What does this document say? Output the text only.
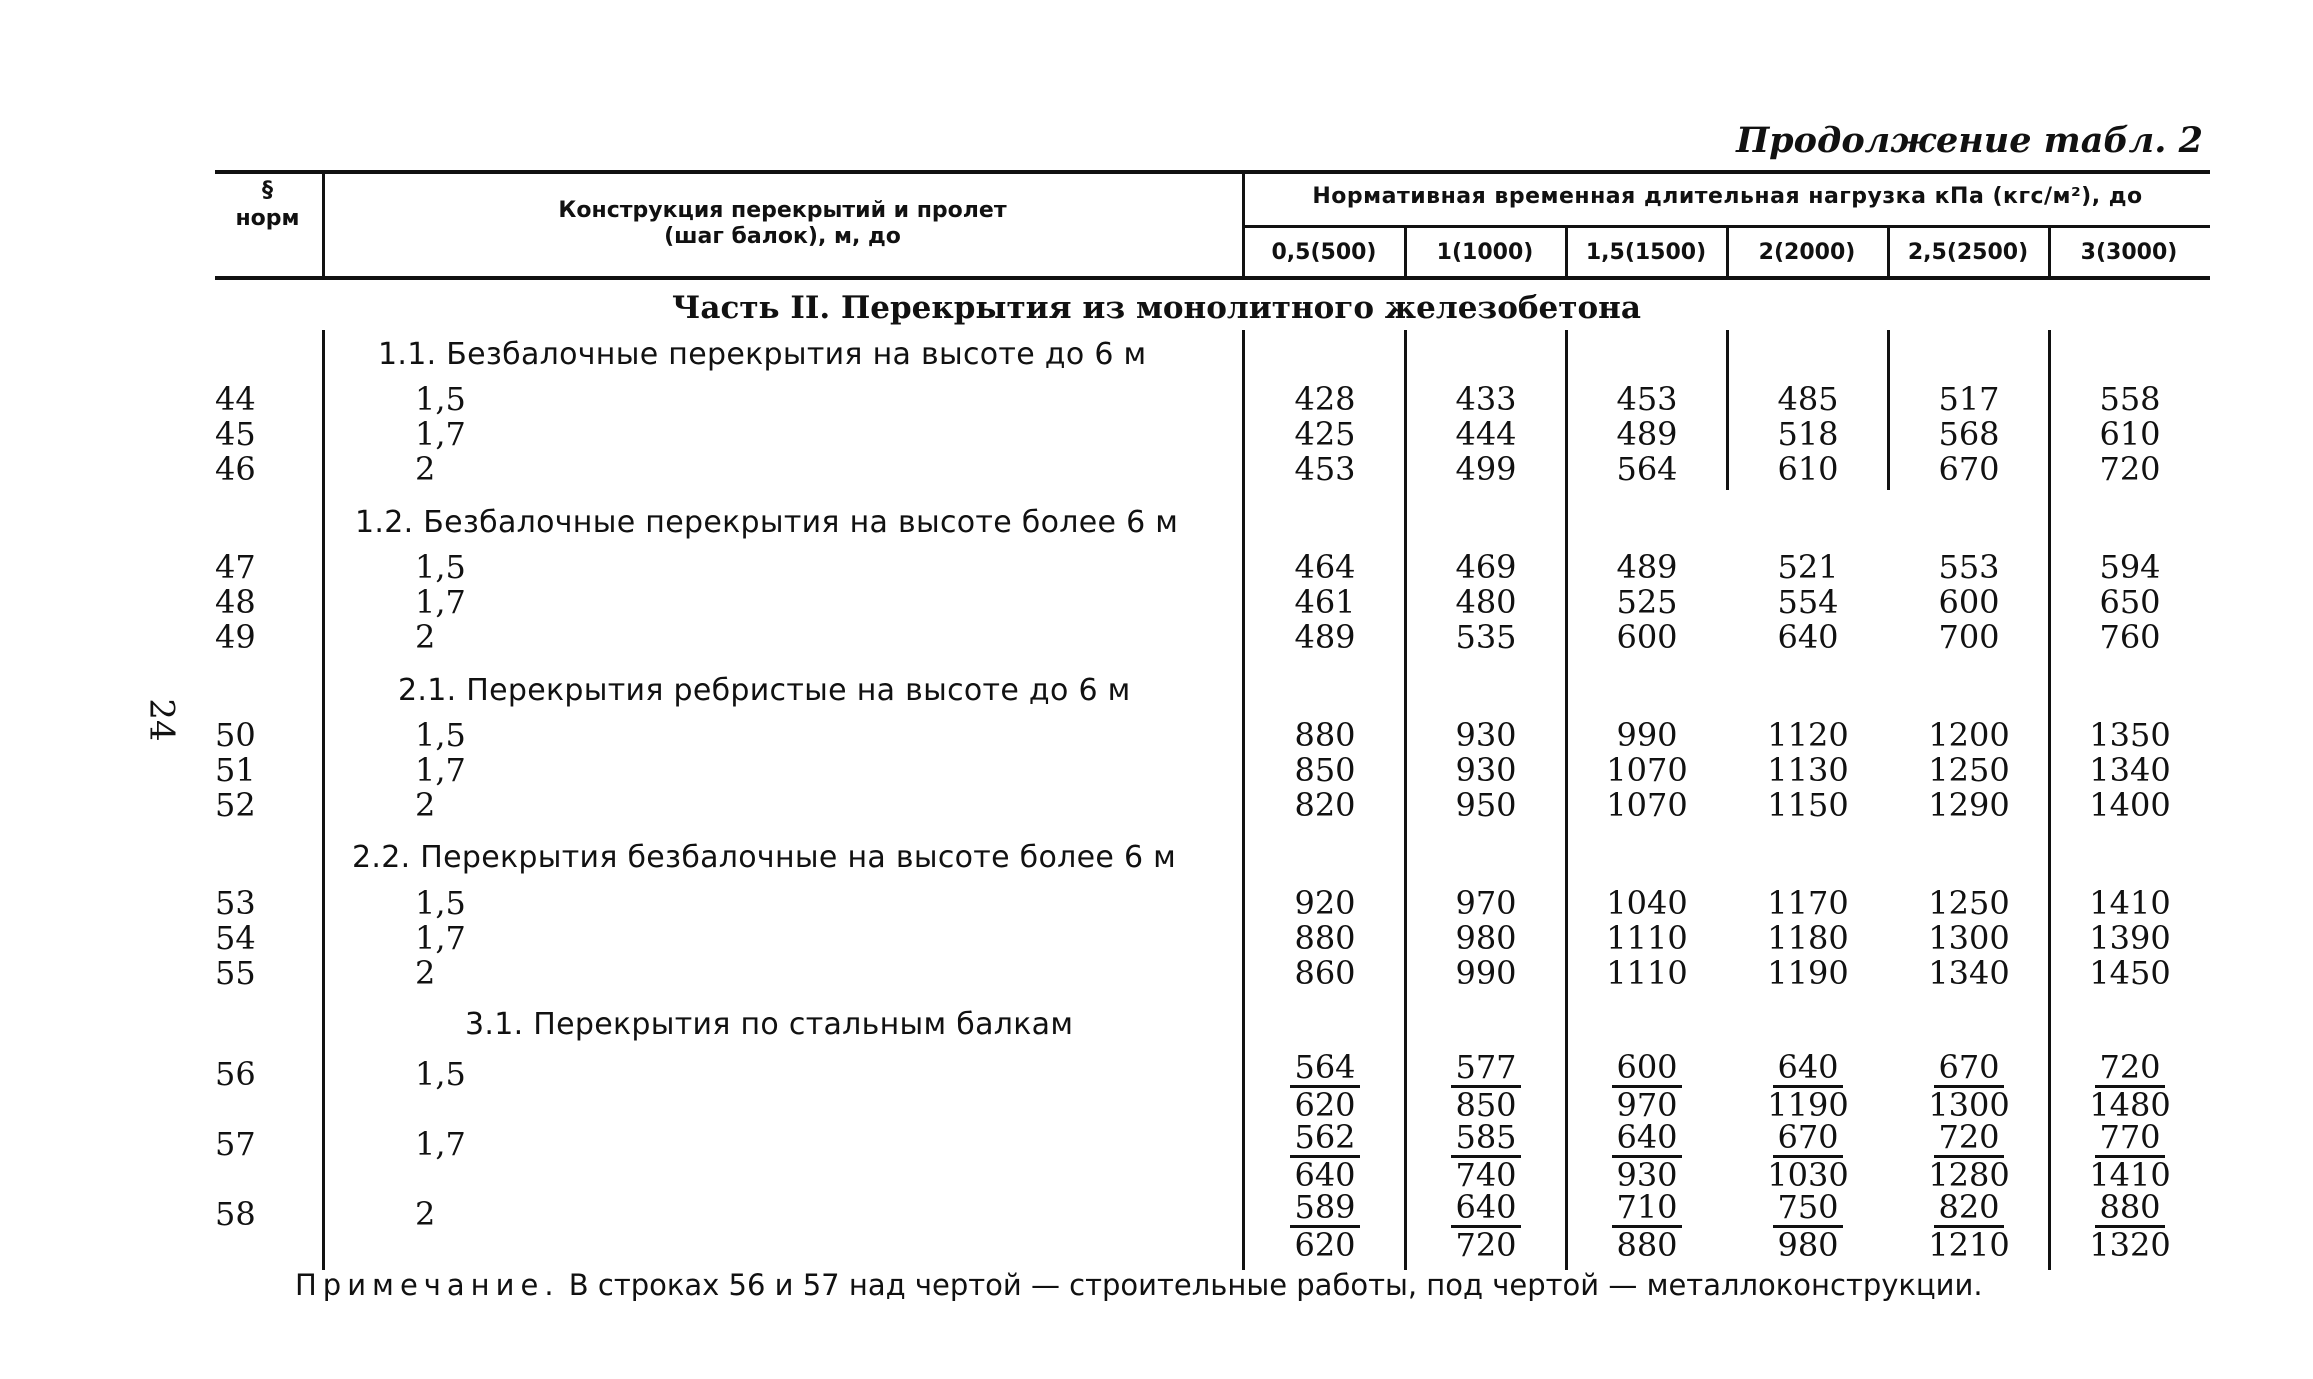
Продолжение табл. 2
24
§
норм	Конструкция перекрытий и пролет
(шаг балок), м, до
Нормативная временная длительная нагрузка кПа (кгс/м²), до
0,5(500)	1(1000)	1,5(1500)	2(2000)	2,5(2500)	3(3000)
Часть II. Перекрытия из монолитного железобетона
1.1. Безбалочные перекрытия на высоте до 6 м
44	1,5	428	433	453	485	517	558
45	1,7	425	444	489	518	568	610
46	2	453	499	564	610	670	720
1.2. Безбалочные перекрытия на высоте более 6 м
47	1,5	464	469	489	521	553	594
48	1,7	461	480	525	554	600	650
49	2	489	535	600	640	700	760
2.1. Перекрытия ребристые на высоте до 6 м
50	1,5	880	930	990	1120	1200	1350
51	1,7	850	930	1070	1130	1250	1340
52	2	820	950	1070	1150	1290	1400
2.2. Перекрытия безбалочные на высоте более 6 м
53	1,5	920	970	1040	1170	1250	1410
54	1,7	880	980	1110	1180	1300	1390
55	2	860	990	1110	1190	1340	1450
3.1. Перекрытия по стальным балкам
56	1,5	$\frac{564}{620} \frac{577}{850} \frac{600}{970} \frac{640}{1190} \frac{670}{1300} \frac{720}{1480}$
57	1,7	$\frac{562}{640} \frac{585}{740} \frac{640}{930} \frac{670}{1030} \frac{720}{1280} \frac{770}{1410}$
58	2	$\frac{589}{620} \frac{640}{720} \frac{710}{880} \frac{750}{980} \frac{820}{1210} \frac{880}{1320}$
Примечание. В строках 56 и 57 над чертой — строительные работы, под чертой — металлоконструкции.
